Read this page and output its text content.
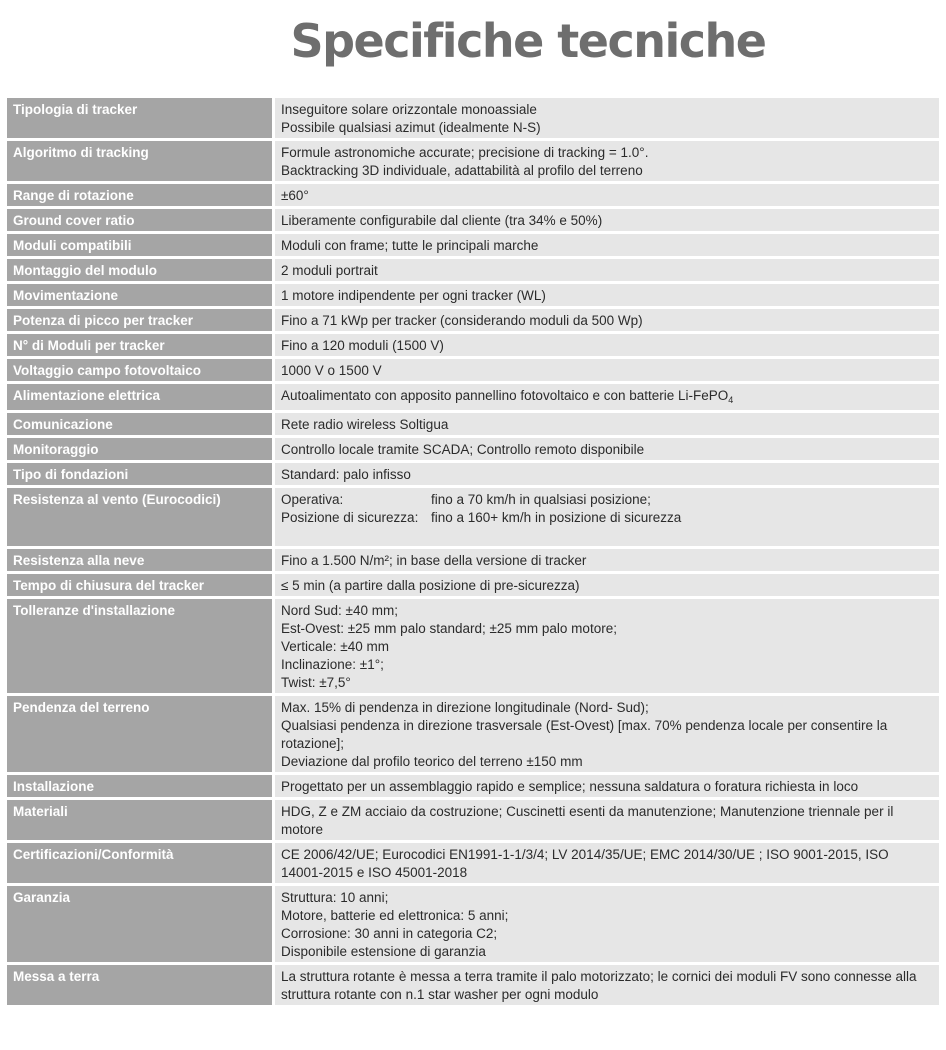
Specifiche tecniche
Tipologia di tracker	Inseguitore solare orizzontale monoassiale
Possibile qualsiasi azimut (idealmente N-S)

Algoritmo di tracking	Formule astronomiche accurate; precisione di tracking = 1.0°.
Backtracking 3D individuale, adattabilità al profilo del terreno

Range di rotazione	±60°

Ground cover ratio	Liberamente configurabile dal cliente (tra 34% e 50%)

Moduli compatibili	Moduli con frame; tutte le principali marche

Montaggio del modulo	2 moduli portrait

Movimentazione	1 motore indipendente per ogni tracker (WL)

Potenza di picco per tracker	Fino a 71 kWp per tracker (considerando moduli da 500 Wp)

N° di Moduli per tracker	Fino a 120 moduli (1500 V)

Voltaggio campo fotovoltaico	1000 V o 1500 V

Alimentazione elettrica	Autoalimentato con apposito pannellino fotovoltaico e con batterie Li-FePO$_4$

Comunicazione	Rete radio wireless Soltigua

Monitoraggio	Controllo locale tramite SCADA; Controllo remoto disponibile

Tipo di fondazioni	Standard: palo infisso

Resistenza al vento (Eurocodici)	Operativa: fino a 70 km/h in qualsiasi posizione;
Posizione di sicurezza: fino a 160+ km/h in posizione di sicurezza

Resistenza alla neve	Fino a 1.500 N/m²; in base della versione di tracker

Tempo di chiusura del tracker	≤ 5 min (a partire dalla posizione di pre-sicurezza)

Tolleranze d'installazione	Nord Sud: ±40 mm;
Est-Ovest: ±25 mm palo standard; ±25 mm palo motore;
Verticale: ±40 mm
Inclinazione: ±1°;
Twist: ±7,5°

Pendenza del terreno	Max. 15% di pendenza in direzione longitudinale (Nord- Sud);
Qualsiasi pendenza in direzione trasversale (Est-Ovest) [max. 70% pendenza locale per consentire la rotazione];
Deviazione dal profilo teorico del terreno ±150 mm

Installazione	Progettato per un assemblaggio rapido e semplice; nessuna saldatura o foratura richiesta in loco

Materiali	HDG, Z e ZM acciaio da costruzione; Cuscinetti esenti da manutenzione; Manutenzione triennale per il motore

Certificazioni/Conformità	CE 2006/42/UE; Eurocodici EN1991-1-1/3/4; LV 2014/35/UE; EMC 2014/30/UE ; ISO 9001-2015, ISO 14001-2015 e ISO 45001-2018

Garanzia	Struttura: 10 anni;
Motore, batterie ed elettronica: 5 anni;
Corrosione: 30 anni in categoria C2;
Disponibile estensione di garanzia

Messa a terra	La struttura rotante è messa a terra tramite il palo motorizzato; le cornici dei moduli FV sono connesse alla struttura rotante con n.1 star washer per ogni modulo
